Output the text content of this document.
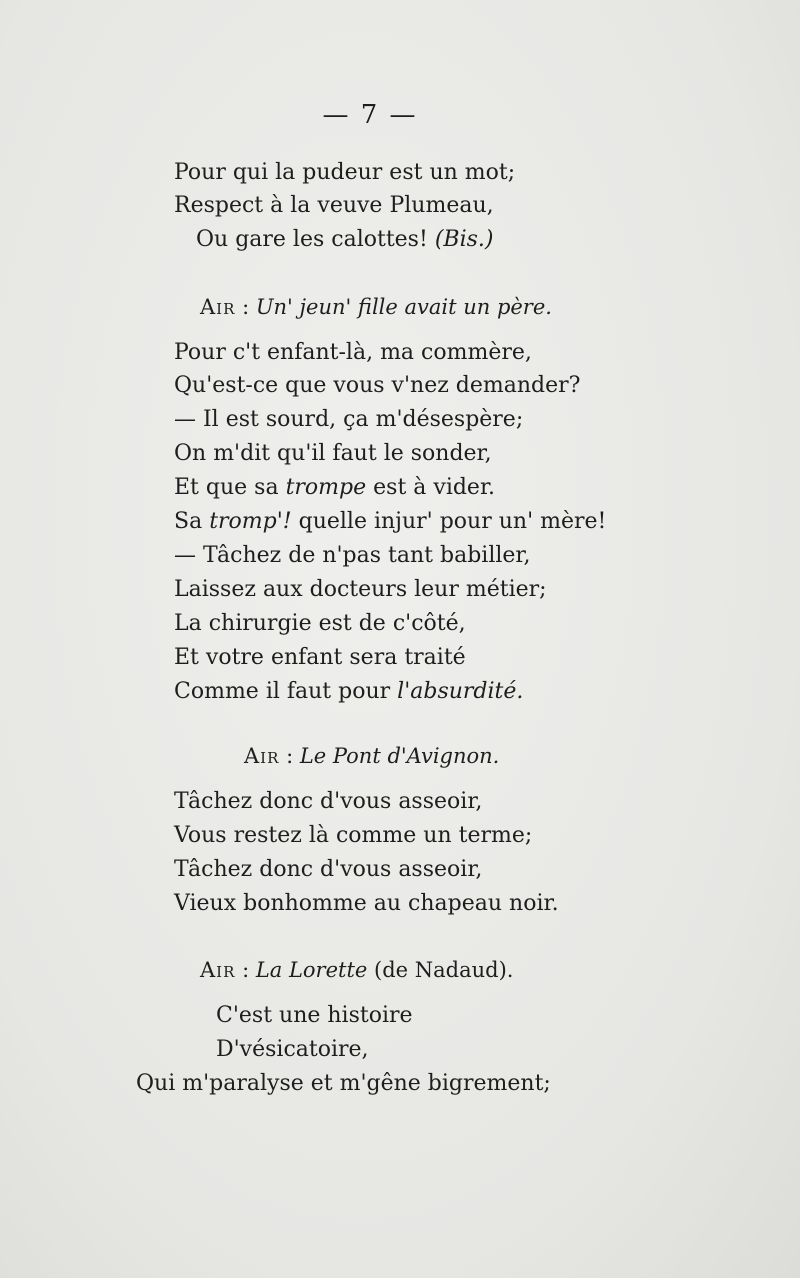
— 7 —
Pour qui la pudeur est un mot;
Respect à la veuve Plumeau,
Ou gare les calottes! (Bis.)
Air : Un' jeun' fille avait un père.
Pour c't enfant-là, ma commère,
Qu'est-ce que vous v'nez demander?
— Il est sourd, ça m'désespère;
On m'dit qu'il faut le sonder,
Et que sa trompe est à vider.
Sa tromp'! quelle injur' pour un' mère!
— Tâchez de n'pas tant babiller,
Laissez aux docteurs leur métier;
La chirurgie est de c'côté,
Et votre enfant sera traité
Comme il faut pour l'absurdité.
Air : Le Pont d'Avignon.
Tâchez donc d'vous asseoir,
Vous restez là comme un terme;
Tâchez donc d'vous asseoir,
Vieux bonhomme au chapeau noir.
Air : La Lorette (de Nadaud).
C'est une histoire
D'vésicatoire,
Qui m'paralyse et m'gêne bigrement;
